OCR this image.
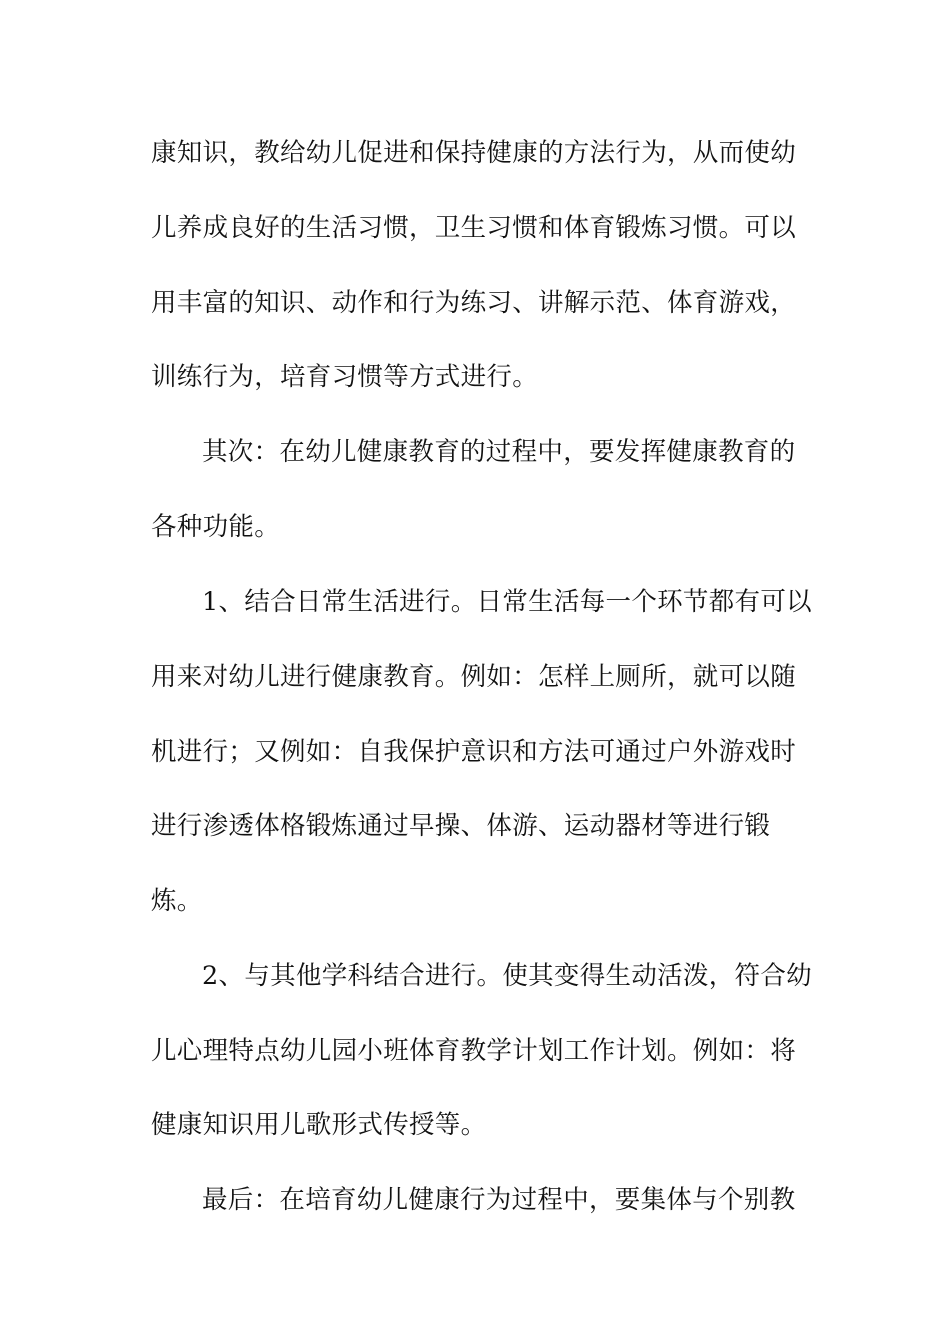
康知识，教给幼儿促进和保持健康的方法行为，从而使幼
儿养成良好的生活习惯，卫生习惯和体育锻炼习惯。可以
用丰富的知识、动作和行为练习、讲解示范、体育游戏，
训练行为，培育习惯等方式进行。
其次：在幼儿健康教育的过程中，要发挥健康教育的
各种功能。
1、结合日常生活进行。日常生活每一个环节都有可以
用来对幼儿进行健康教育。例如：怎样上厕所，就可以随
机进行；又例如：自我保护意识和方法可通过户外游戏时
进行渗透体格锻炼通过早操、体游、运动器材等进行锻
炼。
2、与其他学科结合进行。使其变得生动活泼，符合幼
儿心理特点幼儿园小班体育教学计划工作计划。例如：将
健康知识用儿歌形式传授等。
最后：在培育幼儿健康行为过程中，要集体与个别教
